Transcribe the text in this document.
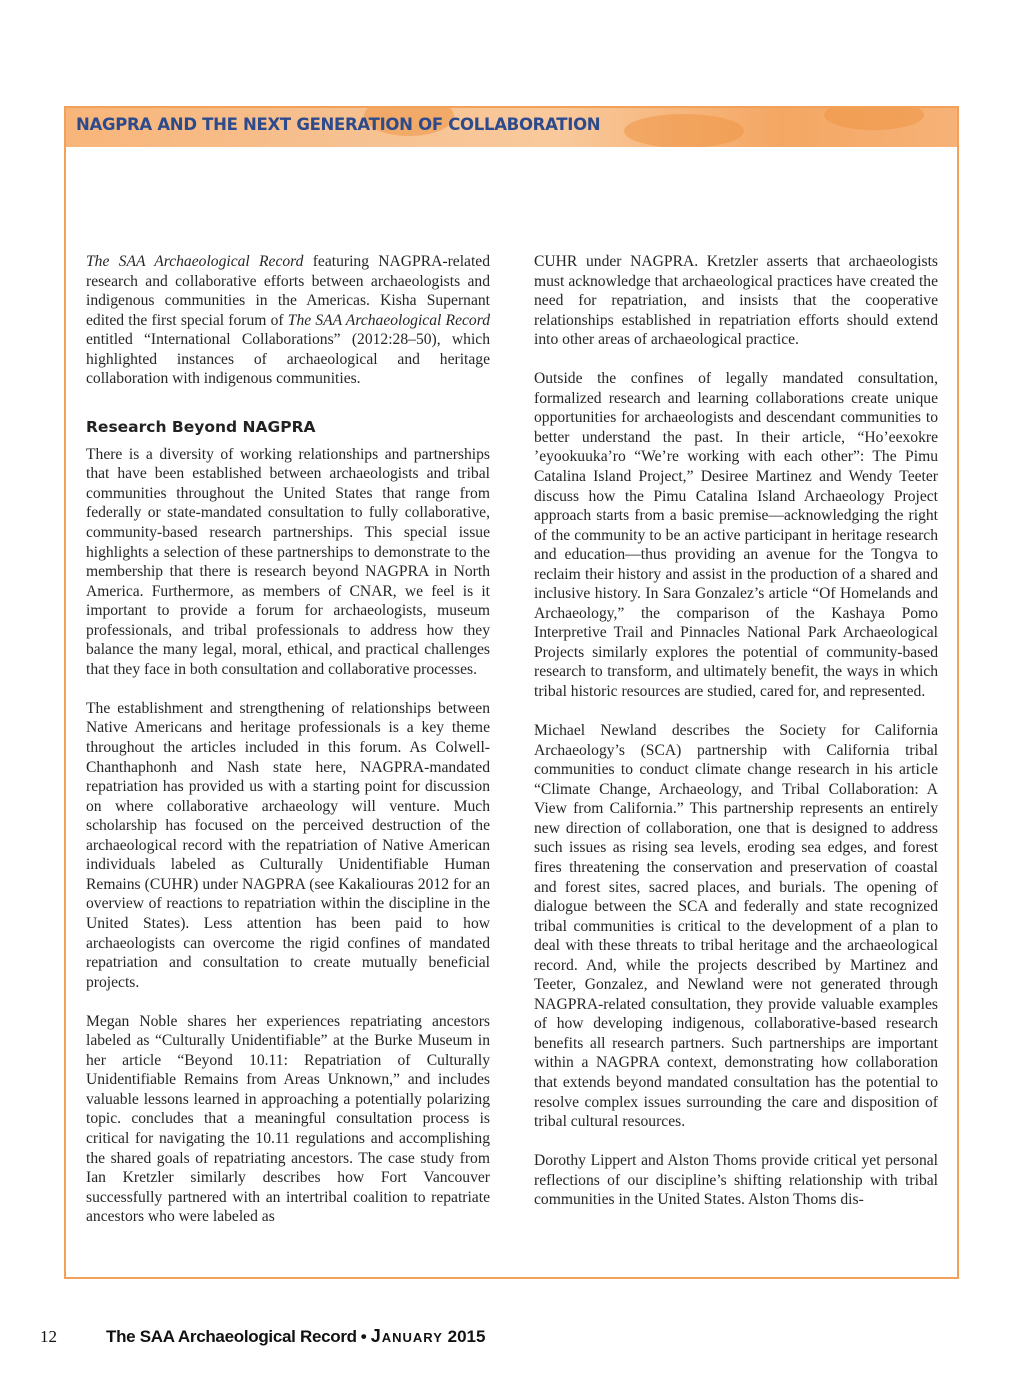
NAGPRA AND THE NEXT GENERATION OF COLLABORATION

The SAA Archaeological Record featuring NAGPRA-related research and collaborative efforts between archaeologists and indigenous communities in the Americas. Kisha Supernant edited the first special forum of The SAA Archaeological Record entitled “International Collaborations” (2012:28–50), which highlighted instances of archaeological and heritage collaboration with indigenous communities.

Research Beyond NAGPRA

There is a diversity of working relationships and partnerships that have been established between archaeologists and tribal communities throughout the United States that range from federally or state-mandated consultation to fully collaborative, community-based research partnerships. This special issue highlights a selection of these partnerships to demonstrate to the membership that there is research beyond NAGPRA in North America. Furthermore, as members of CNAR, we feel is it important to provide a forum for archaeologists, museum professionals, and tribal professionals to address how they balance the many legal, moral, ethical, and practical challenges that they face in both consultation and collaborative processes.

The establishment and strengthening of relationships between Native Americans and heritage professionals is a key theme throughout the articles included in this forum. As Colwell-Chanthaphonh and Nash state here, NAGPRA-mandated repatriation has provided us with a starting point for discussion on where collaborative archaeology will venture. Much scholarship has focused on the perceived destruction of the archaeological record with the repatriation of Native American individuals labeled as Culturally Unidentifiable Human Remains (CUHR) under NAGPRA (see Kakaliouras 2012 for an overview of reactions to repatriation within the discipline in the United States). Less attention has been paid to how archaeologists can overcome the rigid confines of mandated repatriation and consultation to create mutually beneficial projects.

Megan Noble shares her experiences repatriating ancestors labeled as “Culturally Unidentifiable” at the Burke Museum in her article “Beyond 10.11: Repatriation of Culturally Unidentifiable Remains from Areas Unknown,” and includes valuable lessons learned in approaching a potentially polarizing topic. concludes that a meaningful consultation process is critical for navigating the 10.11 regulations and accomplishing the shared goals of repatriating ancestors. The case study from Ian Kretzler similarly describes how Fort Vancouver successfully partnered with an intertribal coalition to repatriate ancestors who were labeled as

CUHR under NAGPRA. Kretzler asserts that archaeologists must acknowledge that archaeological practices have created the need for repatriation, and insists that the cooperative relationships established in repatriation efforts should extend into other areas of archaeological practice.

Outside the confines of legally mandated consultation, formalized research and learning collaborations create unique opportunities for archaeologists and descendant communities to better understand the past. In their article, “Ho’eexokre ’eyookuuka’ro “We’re working with each other”: The Pimu Catalina Island Project,” Desiree Martinez and Wendy Teeter discuss how the Pimu Catalina Island Archaeology Project approach starts from a basic premise—acknowledging the right of the community to be an active participant in heritage research and education—thus providing an avenue for the Tongva to reclaim their history and assist in the production of a shared and inclusive history. In Sara Gonzalez’s article “Of Homelands and Archaeology,” the comparison of the Kashaya Pomo Interpretive Trail and Pinnacles National Park Archaeological Projects similarly explores the potential of community-based research to transform, and ultimately benefit, the ways in which tribal historic resources are studied, cared for, and represented.

Michael Newland describes the Society for California Archaeology’s (SCA) partnership with California tribal communities to conduct climate change research in his article “Climate Change, Archaeology, and Tribal Collaboration: A View from California.” This partnership represents an entirely new direction of collaboration, one that is designed to address such issues as rising sea levels, eroding sea edges, and forest fires threatening the conservation and preservation of coastal and forest sites, sacred places, and burials. The opening of dialogue between the SCA and federally and state recognized tribal communities is critical to the development of a plan to deal with these threats to tribal heritage and the archaeological record. And, while the projects described by Martinez and Teeter, Gonzalez, and Newland were not generated through NAGPRA-related consultation, they provide valuable examples of how developing indigenous, collaborative-based research benefits all research partners. Such partnerships are important within a NAGPRA context, demonstrating how collaboration that extends beyond mandated consultation has the potential to resolve complex issues surrounding the care and disposition of tribal cultural resources.

Dorothy Lippert and Alston Thoms provide critical yet personal reflections of our discipline’s shifting relationship with tribal communities in the United States. Alston Thoms dis-

12	The SAA Archaeological Record • January 2015
